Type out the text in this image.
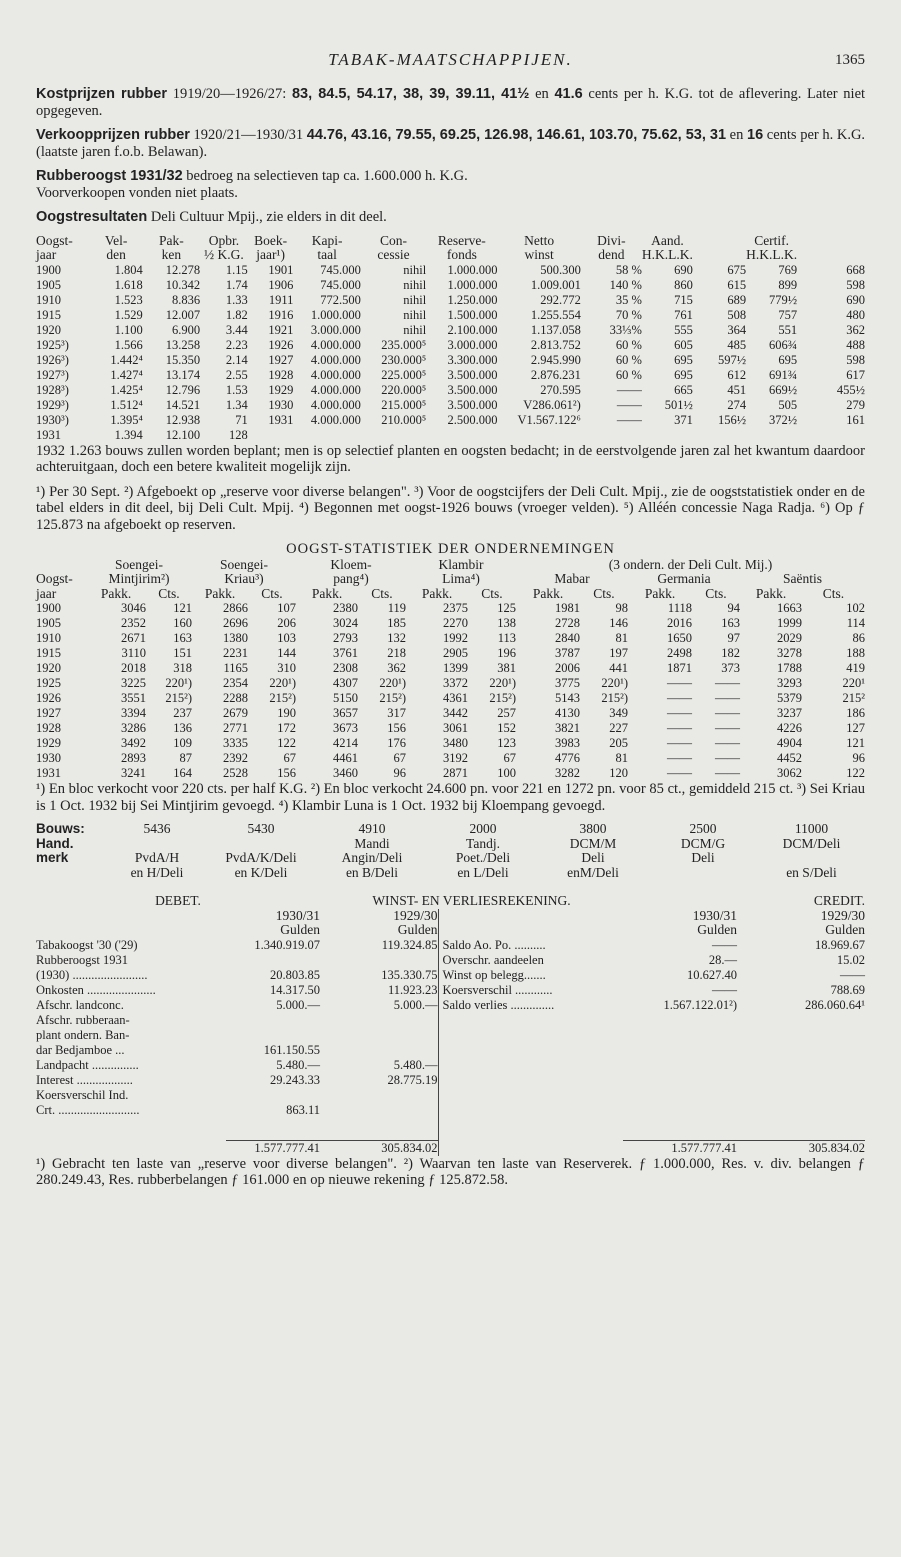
TABAK-MAATSCHAPPIJEN.	1365

Kostprijzen rubber 1919/20—1926/27: 83, 84.5, 54.17, 38, 39, 39.11, 41½ en 41.6 cents per h. K.G. tot de aflevering. Later niet opgegeven.

Verkoopprijzen rubber 1920/21—1930/31 44.76, 43.16, 79.55, 69.25, 126.98, 146.61, 103.70, 75.62, 53, 31 en 16 cents per h. K.G. (laatste jaren f.o.b. Belawan).

Rubberoogst 1931/32 bedroeg na selectieven tap ca. 1.600.000 h. K.G.
Voorverkoopen vonden niet plaats.

Oogstresultaten Deli Cultuur Mpij., zie elders in dit deel.

Oogst-	Vel-	Pak-	Opbr.	Boek-	Kapi-	Con-	Reserve-	Netto	Divi-	Aand.		Certif.	
jaar	den	ken	½ K.G.	jaar¹)	taal	cessie	fonds	winst	dend	H.K.L.K.		H.K.L.K.	
1900	1.804	12.278	1.15	1901	745.000	nihil	1.000.000	500.300	58 %	690	675	769	668
1905	1.618	10.342	1.74	1906	745.000	nihil	1.000.000	1.009.001	140 %	860	615	899	598
1910	1.523	8.836	1.33	1911	772.500	nihil	1.250.000	292.772	35 %	715	689	779½	690
1915	1.529	12.007	1.82	1916	1.000.000	nihil	1.500.000	1.255.554	70 %	761	508	757	480
1920	1.100	6.900	3.44	1921	3.000.000	nihil	2.100.000	1.137.058	33⅓%	555	364	551	362
1925³)	1.566	13.258	2.23	1926	4.000.000	235.000⁵	3.000.000	2.813.752	60 %	605	485	606¾	488
1926³)	1.442⁴	15.350	2.14	1927	4.000.000	230.000⁵	3.300.000	2.945.990	60 %	695	597½	695	598
1927³)	1.427⁴	13.174	2.55	1928	4.000.000	225.000⁵	3.500.000	2.876.231	60 %	695	612	691¾	617
1928³)	1.425⁴	12.796	1.53	1929	4.000.000	220.000⁵	3.500.000	270.595	——	665	451	669½	455½
1929³)	1.512⁴	14.521	1.34	1930	4.000.000	215.000⁵	3.500.000	V286.061²)	——	501½	274	505	279
1930³)	1.395⁴	12.938	71	1931	4.000.000	210.000⁵	2.500.000	V1.567.122⁶	——	371	156½	372½	161
1931	1.394	12.100	128										

1932 1.263 bouws zullen worden beplant; men is op selectief planten en oogsten bedacht; in de eerstvolgende jaren zal het kwantum daardoor achteruitgaan, doch een betere kwaliteit mogelijk zijn.

¹) Per 30 Sept. ²) Afgeboekt op „reserve voor diverse belangen". ³) Voor de oogstcijfers der Deli Cult. Mpij., zie de oogststatistiek onder en de tabel elders in dit deel, bij Deli Cult. Mpij. ⁴) Begonnen met oogst-1926 bouws (vroeger velden). ⁵) Alléén concessie Naga Radja. ⁶) Op ƒ 125.873 na afgeboekt op reserven.

OOGST-STATISTIEK DER ONDERNEMINGEN
	Soengei-		Soengei-		Kloem-		Klambir		(3 ondern. der Deli Cult. Mij.)					
Oogst-	Mintjirim²)		Kriau³)		pang⁴)		Lima⁴)		Mabar		Germania		Saëntis	
jaar	Pakk.	Cts.	Pakk.	Cts.	Pakk.	Cts.	Pakk.	Cts.	Pakk.	Cts.	Pakk.	Cts.	Pakk.	Cts.
1900	3046	121	2866	107	2380	119	2375	125	1981	98	1118	94	1663	102
1905	2352	160	2696	206	3024	185	2270	138	2728	146	2016	163	1999	114
1910	2671	163	1380	103	2793	132	1992	113	2840	81	1650	97	2029	86
1915	3110	151	2231	144	3761	218	2905	196	3787	197	2498	182	3278	188
1920	2018	318	1165	310	2308	362	1399	381	2006	441	1871	373	1788	419
1925	3225	220¹)	2354	220¹)	4307	220¹)	3372	220¹)	3775	220¹)	——	——	3293	220¹
1926	3551	215²)	2288	215²)	5150	215²)	4361	215²)	5143	215²)	——	——	5379	215²
1927	3394	237	2679	190	3657	317	3442	257	4130	349	——	——	3237	186
1928	3286	136	2771	172	3673	156	3061	152	3821	227	——	——	4226	127
1929	3492	109	3335	122	4214	176	3480	123	3983	205	——	——	4904	121
1930	2893	87	2392	67	4461	67	3192	67	4776	81	——	——	4452	96
1931	3241	164	2528	156	3460	96	2871	100	3282	120	——	——	3062	122

¹) En bloc verkocht voor 220 cts. per half K.G. ²) En bloc verkocht 24.600 pn. voor 221 en 1272 pn. voor 85 ct., gemiddeld 215 ct. ³) Sei Kriau is 1 Oct. 1932 bij Sei Mintjirim gevoegd. ⁴) Klambir Luna is 1 Oct. 1932 bij Kloempang gevoegd.

Bouws:	5436	5430	4910	2000	3800	2500	11000
Hand.			Mandi	Tandj.	DCM/M	DCM/G	DCM/Deli
merk	PvdA/H	PvdA/K/Deli	Angin/Deli	Poet./Deli	Deli	Deli	
	en H/Deli	en K/Deli	en B/Deli	en L/Deli	enM/Deli		en S/Deli
DEBET.		WINST- EN VERLIESREKENING.			CREDIT.
	1930/31	1929/30		1930/31	1929/30
	Gulden	Gulden		Gulden	Gulden
Tabakoogst '30 ('29)	1.340.919.07	119.324.85	Saldo Ao. Po. ..........	——	18.969.67
Rubberoogst 1931			Overschr. aandeelen	28.—	15.02
(1930) ........................	20.803.85	135.330.75	Winst op belegg.......	10.627.40	——
Onkosten ......................	14.317.50	11.923.23	Koersverschil ............	——	788.69
Afschr. landconc.	5.000.—	5.000.—	Saldo verlies ..............	1.567.122.01²)	286.060.64¹
Afschr. rubberaan-					
plant ondern. Ban-					
dar Bedjamboe ...	161.150.55				
Landpacht ...............	5.480.—	5.480.—			
Interest ..................	29.243.33	28.775.19			
Koersverschil Ind.					
Crt. ..........................	863.11				

	1.577.777.41	305.834.02		1.577.777.41	305.834.02

¹) Gebracht ten laste van „reserve voor diverse belangen". ²) Waarvan ten laste van Reserverek. ƒ 1.000.000, Res. v. div. belangen ƒ 280.249.43, Res. rubberbelangen ƒ 161.000 en op nieuwe rekening ƒ 125.872.58.
